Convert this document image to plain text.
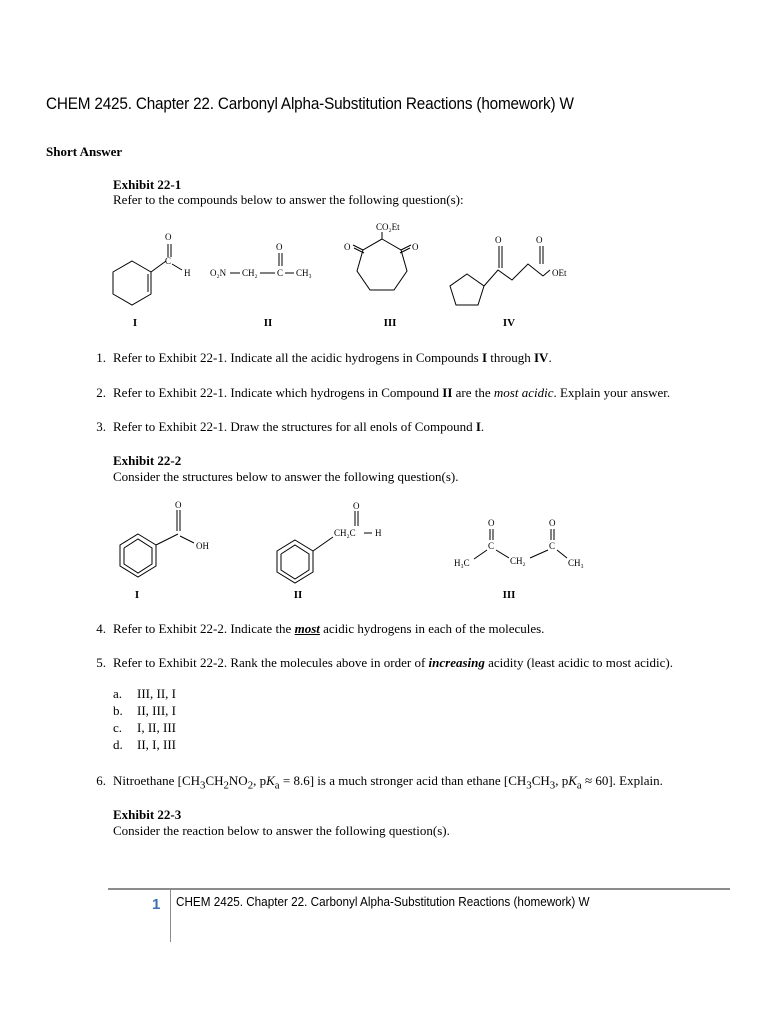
CHEM 2425. Chapter 22. Carbonyl Alpha-Substitution Reactions (homework) W
Short Answer
Exhibit 22-1
Refer to the compounds below to answer the following question(s):
O
C
H O₂N CH₂ C
O
CH₃
CO₂Et
O	O
O	O
OEt
I	II	III	IV
1. Refer to Exhibit 22-1. Indicate all the acidic hydrogens in Compounds I through IV.
2. Refer to Exhibit 22-1. Indicate which hydrogens in Compound II are the most acidic. Explain your answer.
3. Refer to Exhibit 22-1. Draw the structures for all enols of Compound I.
Exhibit 22-2
Consider the structures below to answer the following question(s).
O
OH
O
CH₂C H
O	O
C	C
H₃C	CH₂	CH₃
I	II	III
4. Refer to Exhibit 22-2. Indicate the most acidic hydrogens in each of the molecules.
5. Refer to Exhibit 22-2. Rank the molecules above in order of increasing acidity (least acidic to most acidic).
a. III, II, I
b. II, III, I
c. I, II, III
d. II, I, III
6. Nitroethane [$CH_3CH_2NO_2$, $pK_a = 8.6$] is a much stronger acid than ethane [$CH_3CH_3$, $pK_a \approx 60$]. Explain.
Exhibit 22-3
Consider the reaction below to answer the following question(s).
1 CHEM 2425. Chapter 22. Carbonyl Alpha-Substitution Reactions (homework) W
